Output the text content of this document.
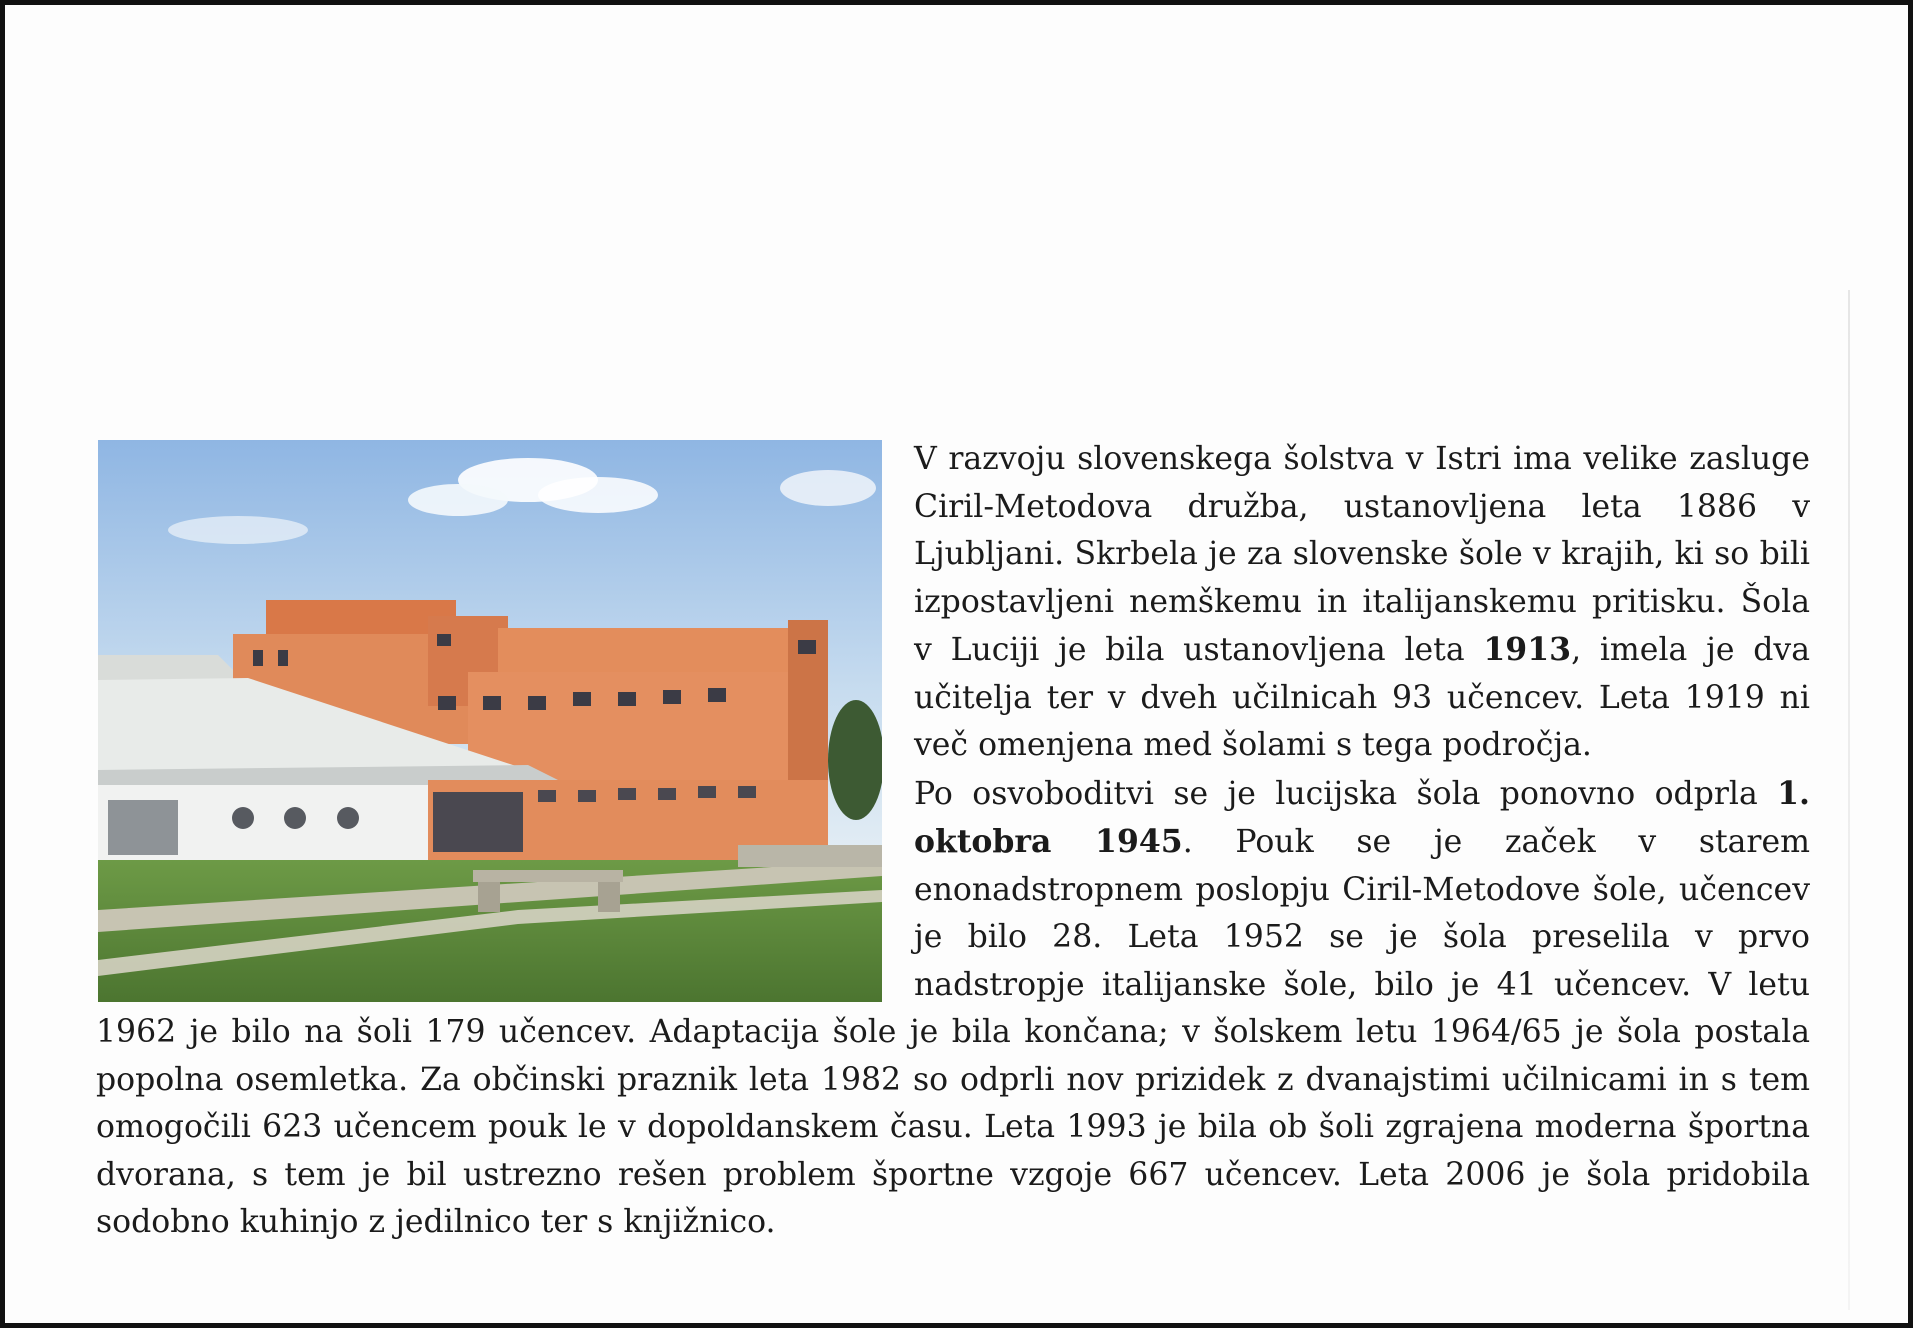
V razvoju slovenskega šolstva v Istri ima velike zasluge Ciril-Metodova družba, ustanovljena leta 1886 v Ljubljani. Skrbela je za slovenske šole v krajih, ki so bili izpostavljeni nemškemu in italijanskemu pritisku. Šola v Luciji je bila ustanovljena leta 1913, imela je dva učitelja ter v dveh učilnicah 93 učencev. Leta 1919 ni več omenjena med šolami s tega področja.

Po osvoboditvi se je lucijska šola ponovno odprla 1. oktobra 1945. Pouk se je začek v starem enonadstropnem poslopju Ciril-Metodove šole, učencev je bilo 28. Leta 1952 se je šola preselila v prvo nadstropje italijanske šole, bilo je 41 učencev. V letu 1962 je bilo na šoli 179 učencev. Adaptacija šole je bila končana; v šolskem letu 1964/65 je šola postala popolna osemletka. Za občinski praznik leta 1982 so odprli nov prizidek z dvanajstimi učilnicami in s tem omogočili 623 učencem pouk le v dopoldanskem času. Leta 1993 je bila ob šoli zgrajena moderna športna dvorana, s tem je bil ustrezno rešen problem športne vzgoje 667 učencev. Leta 2006 je šola pridobila sodobno kuhinjo z jedilnico ter s knjižnico.
